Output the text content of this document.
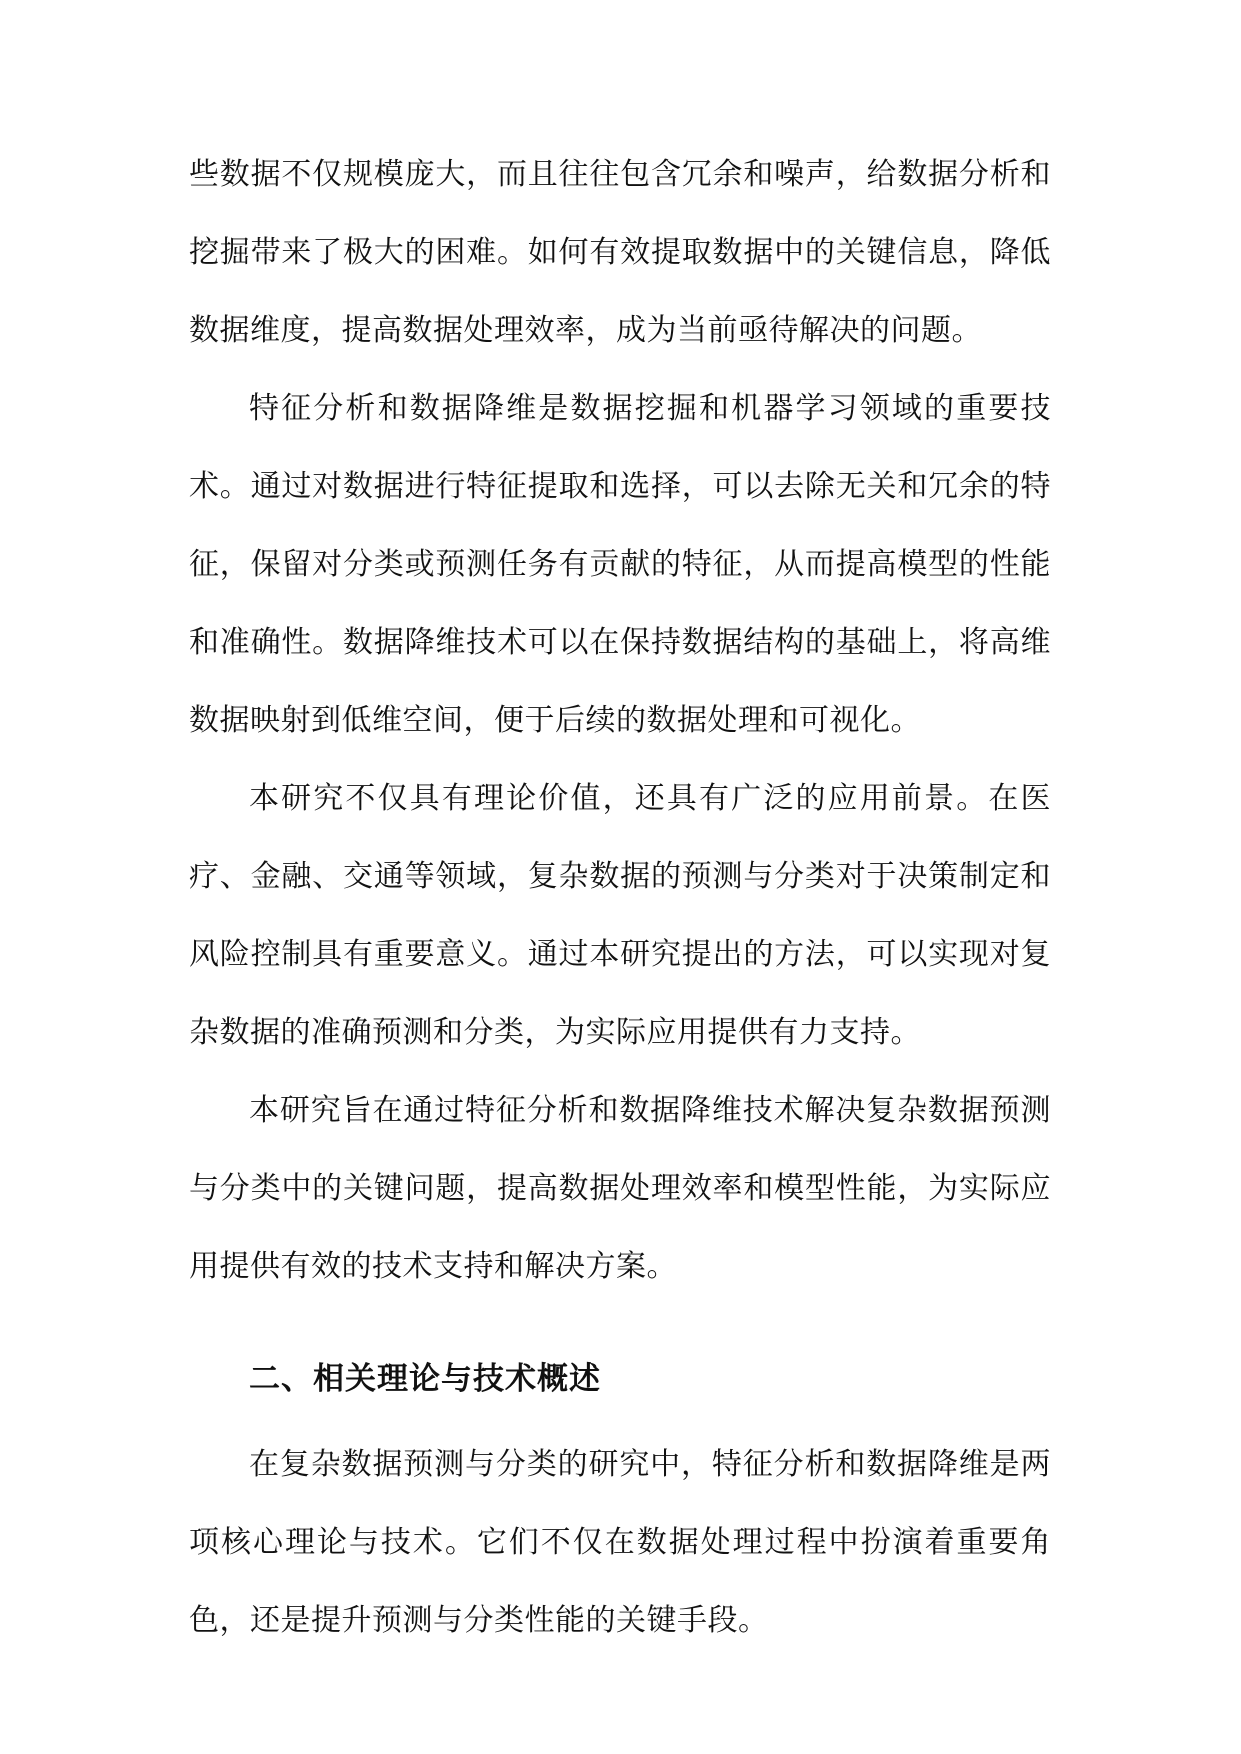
些数据不仅规模庞大，而且往往包含冗余和噪声，给数据分析和挖掘带来了极大的困难。如何有效提取数据中的关键信息，降低数据维度，提高数据处理效率，成为当前亟待解决的问题。

特征分析和数据降维是数据挖掘和机器学习领域的重要技术。通过对数据进行特征提取和选择，可以去除无关和冗余的特征，保留对分类或预测任务有贡献的特征，从而提高模型的性能和准确性。数据降维技术可以在保持数据结构的基础上，将高维数据映射到低维空间，便于后续的数据处理和可视化。

本研究不仅具有理论价值，还具有广泛的应用前景。在医疗、金融、交通等领域，复杂数据的预测与分类对于决策制定和风险控制具有重要意义。通过本研究提出的方法，可以实现对复杂数据的准确预测和分类，为实际应用提供有力支持。

本研究旨在通过特征分析和数据降维技术解决复杂数据预测与分类中的关键问题，提高数据处理效率和模型性能，为实际应用提供有效的技术支持和解决方案。

二、相关理论与技术概述

在复杂数据预测与分类的研究中，特征分析和数据降维是两项核心理论与技术。它们不仅在数据处理过程中扮演着重要角色，还是提升预测与分类性能的关键手段。
